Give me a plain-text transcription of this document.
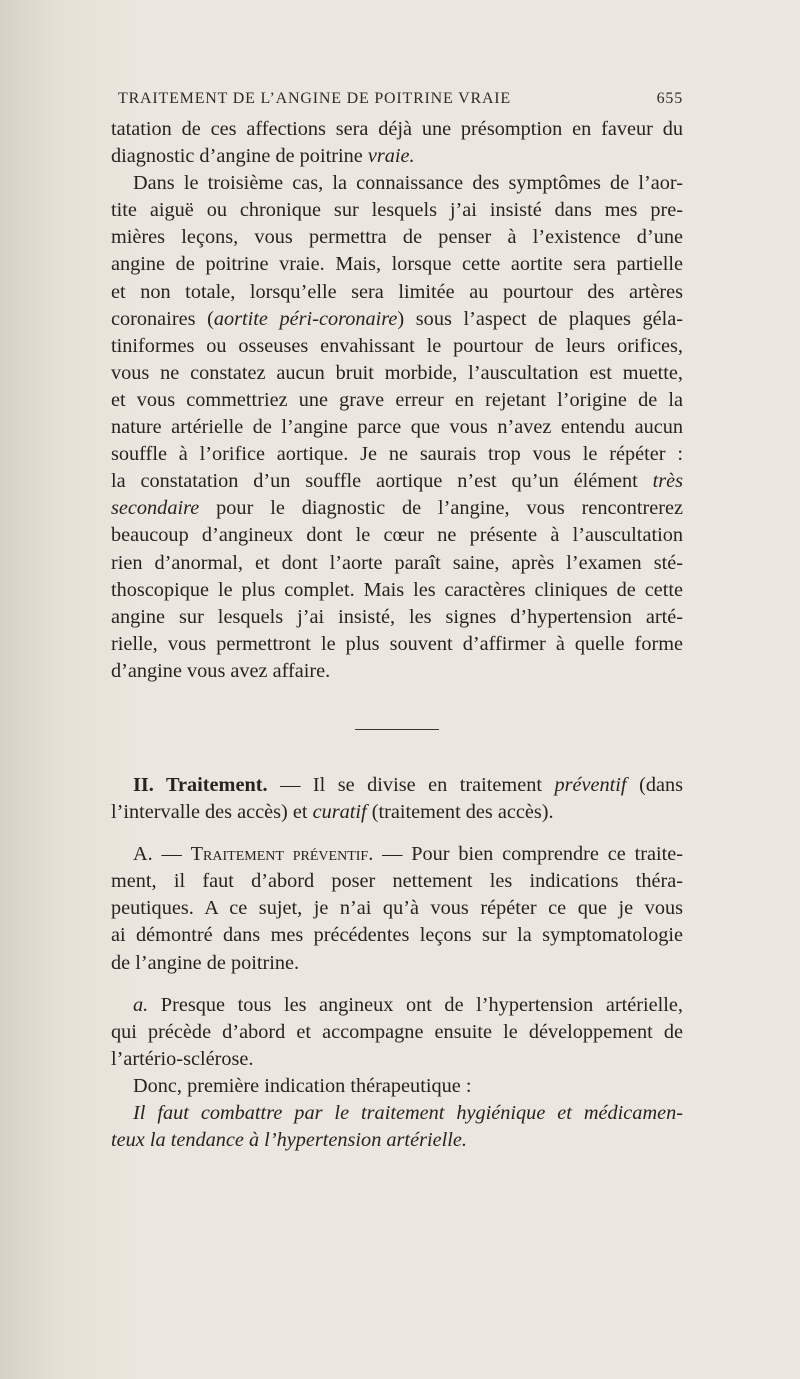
TRAITEMENT DE L’ANGINE DE POITRINE VRAIE	655

tatation de ces affections sera déjà une présomption en faveur du

diagnostic d’angine de poitrine vraie.

Dans le troisième cas, la connaissance des symptômes de l’aor-

tite aiguë ou chronique sur lesquels j’ai insisté dans mes pre-

mières leçons, vous permettra de penser à l’existence d’une

angine de poitrine vraie. Mais, lorsque cette aortite sera partielle

et non totale, lorsqu’elle sera limitée au pourtour des artères

coronaires (aortite péri-coronaire) sous l’aspect de plaques géla-

tiniformes ou osseuses envahissant le pourtour de leurs orifices,

vous ne constatez aucun bruit morbide, l’auscultation est muette,

et vous commettriez une grave erreur en rejetant l’origine de la

nature artérielle de l’angine parce que vous n’avez entendu aucun

souffle à l’orifice aortique. Je ne saurais trop vous le répéter :

la constatation d’un souffle aortique n’est qu’un élément très

secondaire pour le diagnostic de l’angine, vous rencontrerez

beaucoup d’angineux dont le cœur ne présente à l’auscultation

rien d’anormal, et dont l’aorte paraît saine, après l’examen sté-

thoscopique le plus complet. Mais les caractères cliniques de cette

angine sur lesquels j’ai insisté, les signes d’hypertension arté-

rielle, vous permettront le plus souvent d’affirmer à quelle forme

d’angine vous avez affaire.

II. Traitement. — Il se divise en traitement préventif (dans

l’intervalle des accès) et curatif (traitement des accès).

A. — Traitement préventif. — Pour bien comprendre ce traite-

ment, il faut d’abord poser nettement les indications théra-

peutiques. A ce sujet, je n’ai qu’à vous répéter ce que je vous

ai démontré dans mes précédentes leçons sur la symptomatologie

de l’angine de poitrine.

a. Presque tous les angineux ont de l’hypertension artérielle,

qui précède d’abord et accompagne ensuite le développement de

l’artério-sclérose.

Donc, première indication thérapeutique :

Il faut combattre par le traitement hygiénique et médicamen-

teux la tendance à l’hypertension artérielle.
